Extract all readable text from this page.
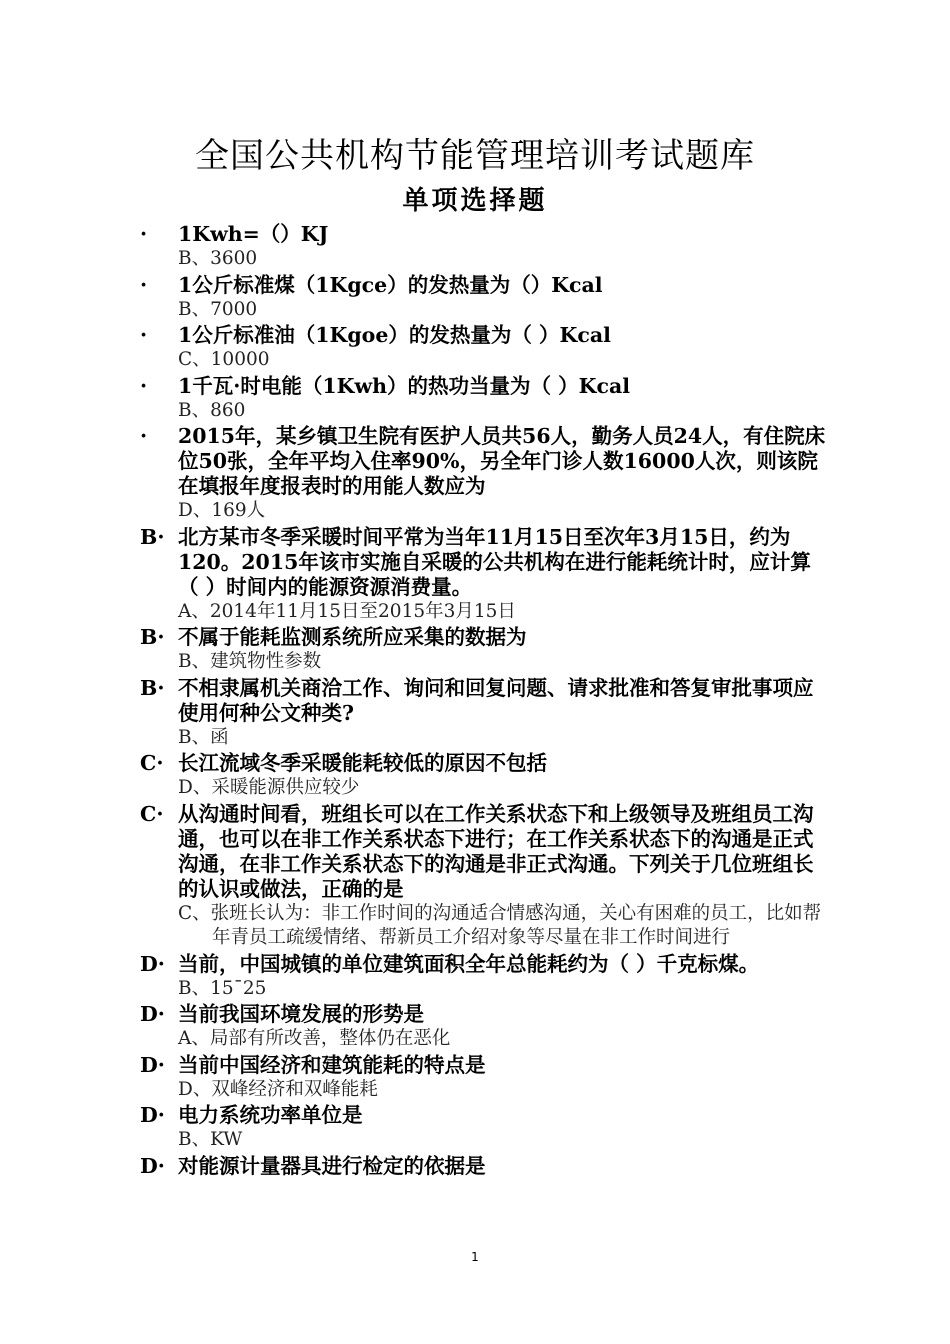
全国公共机构节能管理培训考试题库
单项选择题

·	1Kwh=（）KJ

B、3600

·	1公斤标准煤（1Kgce）的发热量为（）Kcal

B、7000

·	1公斤标准油（1Kgoe）的发热量为（ ）Kcal

C、10000

·	1千瓦·时电能（1Kwh）的热功当量为（ ）Kcal

B、860

·	2015年，某乡镇卫生院有医护人员共56人，勤务人员24人，有住院床位50张，全年平均入住率90%，另全年门诊人数16000人次，则该院在填报年度报表时的用能人数应为

D、169人

B· 北方某市冬季采暖时间平常为当年11月15日至次年3月15日，约为120。2015年该市实施自采暖的公共机构在进行能耗统计时，应计算（ ）时间内的能源资源消费量。

A、2014年11月15日至2015年3月15日

B· 不属于能耗监测系统所应采集的数据为

B、建筑物性参数

B· 不相隶属机关商洽工作、询问和回复问题、请求批准和答复审批事项应使用何种公文种类?

B、函

C· 长江流域冬季采暖能耗较低的原因不包括

D、采暖能源供应较少

C· 从沟通时间看，班组长可以在工作关系状态下和上级领导及班组员工沟通，也可以在非工作关系状态下进行；在工作关系状态下的沟通是正式沟通，在非工作关系状态下的沟通是非正式沟通。下列关于几位班组长的认识或做法，正确的是

C、张班长认为：非工作时间的沟通适合情感沟通，关心有困难的员工，比如帮年青员工疏缓情绪、帮新员工介绍对象等尽量在非工作时间进行

D· 当前，中国城镇的单位建筑面积全年总能耗约为（ ）千克标煤。

B、15¯25

D· 当前我国环境发展的形势是

A、局部有所改善，整体仍在恶化

D· 当前中国经济和建筑能耗的特点是

D、双峰经济和双峰能耗

D· 电力系统功率单位是

B、KW

D· 对能源计量器具进行检定的依据是

1
